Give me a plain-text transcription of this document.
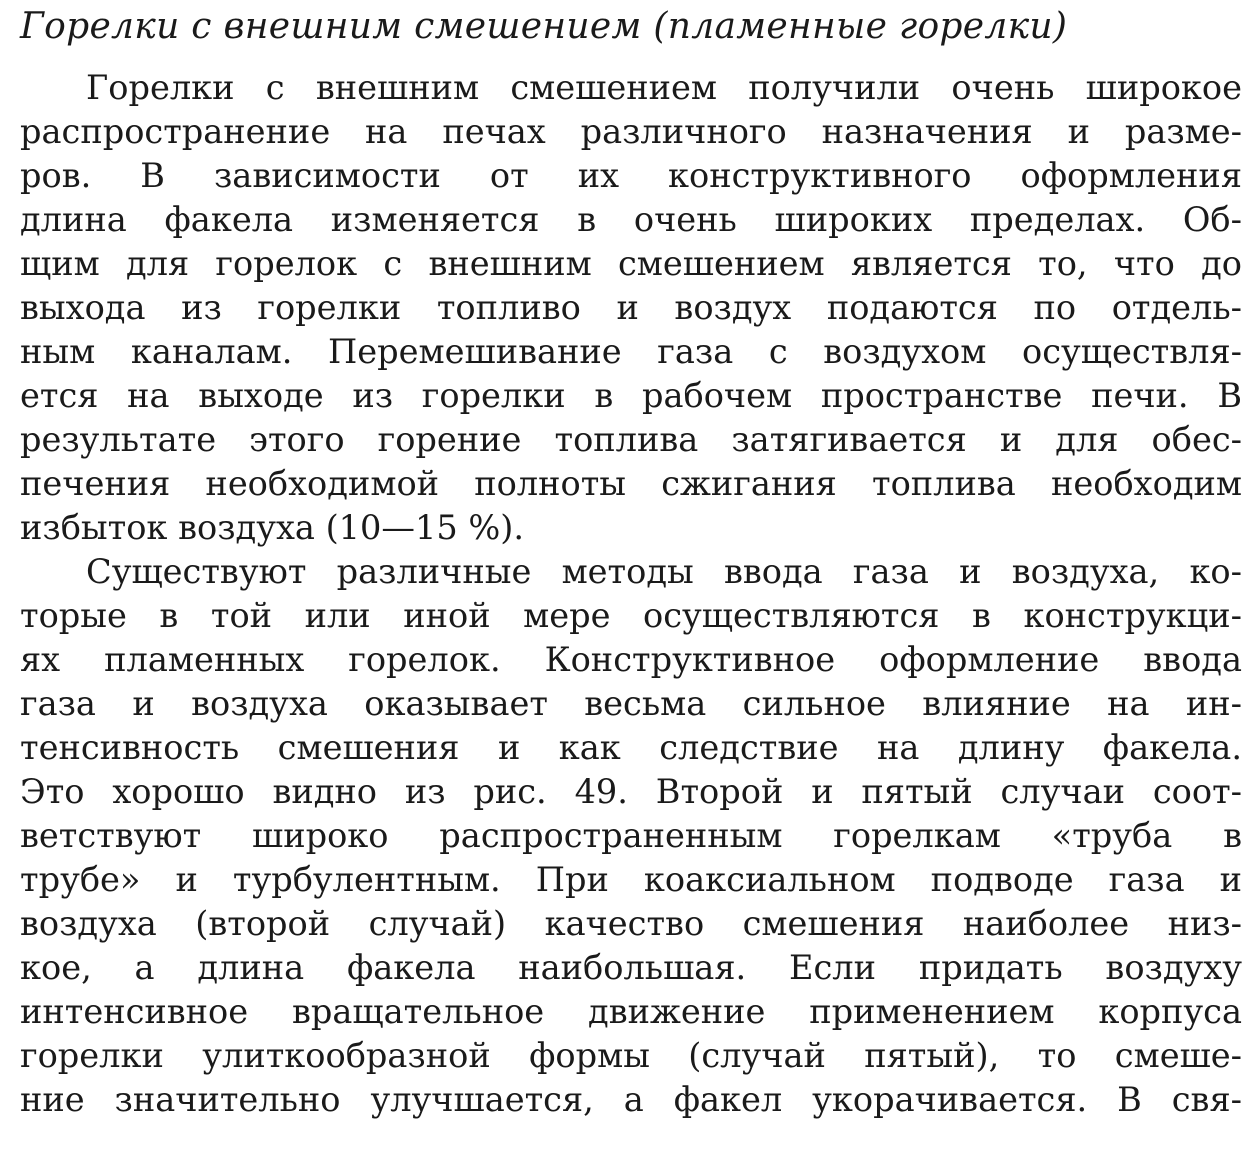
Горелки с внешним смешением (пламенные горелки)
Горелки с внешним смешением получили очень широкое
распространение на печах различного назначения и разме-
ров. В зависимости от их конструктивного оформления
длина факела изменяется в очень широких пределах. Об-
щим для горелок с внешним смешением является то, что до
выхода из горелки топливо и воздух подаются по отдель-
ным каналам. Перемешивание газа с воздухом осуществля-
ется на выходе из горелки в рабочем пространстве печи. В
результате этого горение топлива затягивается и для обес-
печения необходимой полноты сжигания топлива необходим
избыток воздуха (10—15 %).
Существуют различные методы ввода газа и воздуха, ко-
торые в той или иной мере осуществляются в конструкци-
ях пламенных горелок. Конструктивное оформление ввода
газа и воздуха оказывает весьма сильное влияние на ин-
тенсивность смешения и как следствие на длину факела.
Это хорошо видно из рис. 49. Второй и пятый случаи соот-
ветствуют широко распространенным горелкам «труба в
трубе» и турбулентным. При коаксиальном подводе газа и
воздуха (второй случай) качество смешения наиболее низ-
кое, а длина факела наибольшая. Если придать воздуху
интенсивное вращательное движение применением корпуса
горелки улиткообразной формы (случай пятый), то смеше-
ние значительно улучшается, а факел укорачивается. В свя-
